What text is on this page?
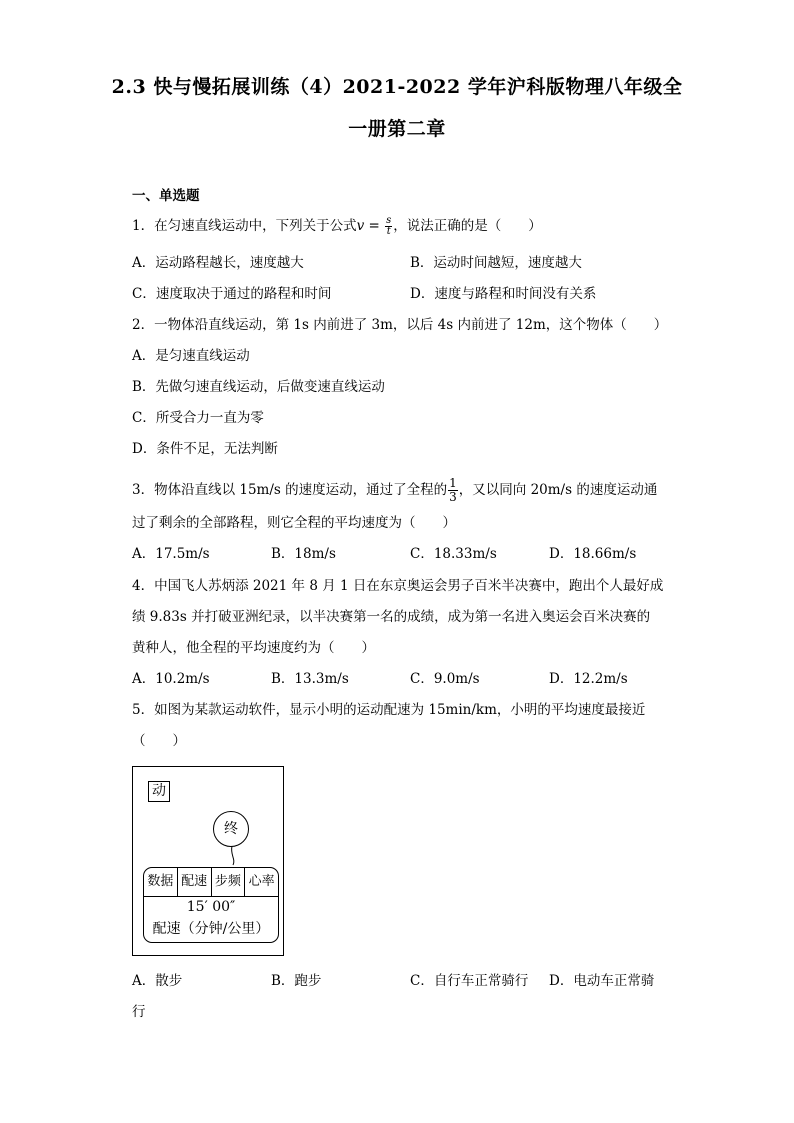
2.3 快与慢拓展训练（4）2021-2022 学年沪科版物理八年级全
一册第二章
一、单选题
1．在匀速直线运动中，下列关于公式$v = \frac{s}{t}$ ，说法正确的是（　　）
A．运动路程越长，速度越大	B．运动时间越短，速度越大
C．速度取决于通过的路程和时间	D．速度与路程和时间没有关系
2．一物体沿直线运动，第 1s 内前进了 3m，以后 4s 内前进了 12m，这个物体（　　）
A．是匀速直线运动
B．先做匀速直线运动，后做变速直线运动
C．所受合力一直为零
D．条件不足，无法判断
3．物体沿直线以 15m/s 的速度运动，通过了全程的 $\frac{1}{3}$ ，又以同向 20m/s 的速度运动通
过了剩余的全部路程，则它全程的平均速度为（　　）
A．17.5m/s	B．18m/s	C．18.33m/s	D．18.66m/s
4．中国飞人苏炳添 2021 年 8 月 1 日在东京奥运会男子百米半决赛中，跑出个人最好成
绩 9.83s 并打破亚洲纪录，以半决赛第一名的成绩，成为第一名进入奥运会百米决赛的
黄种人，他全程的平均速度约为（　　）
A．10.2m/s	B．13.3m/s	C．9.0m/s	D．12.2m/s
5．如图为某款运动软件，显示小明的运动配速为 15min/km，小明的平均速度最接近
（　　）
动
终
数据 配速 步频 心率
15′ 00″
配速（分钟/公里）
A．散步	B．跑步	C．自行车正常骑行 D．电动车正常骑
行
